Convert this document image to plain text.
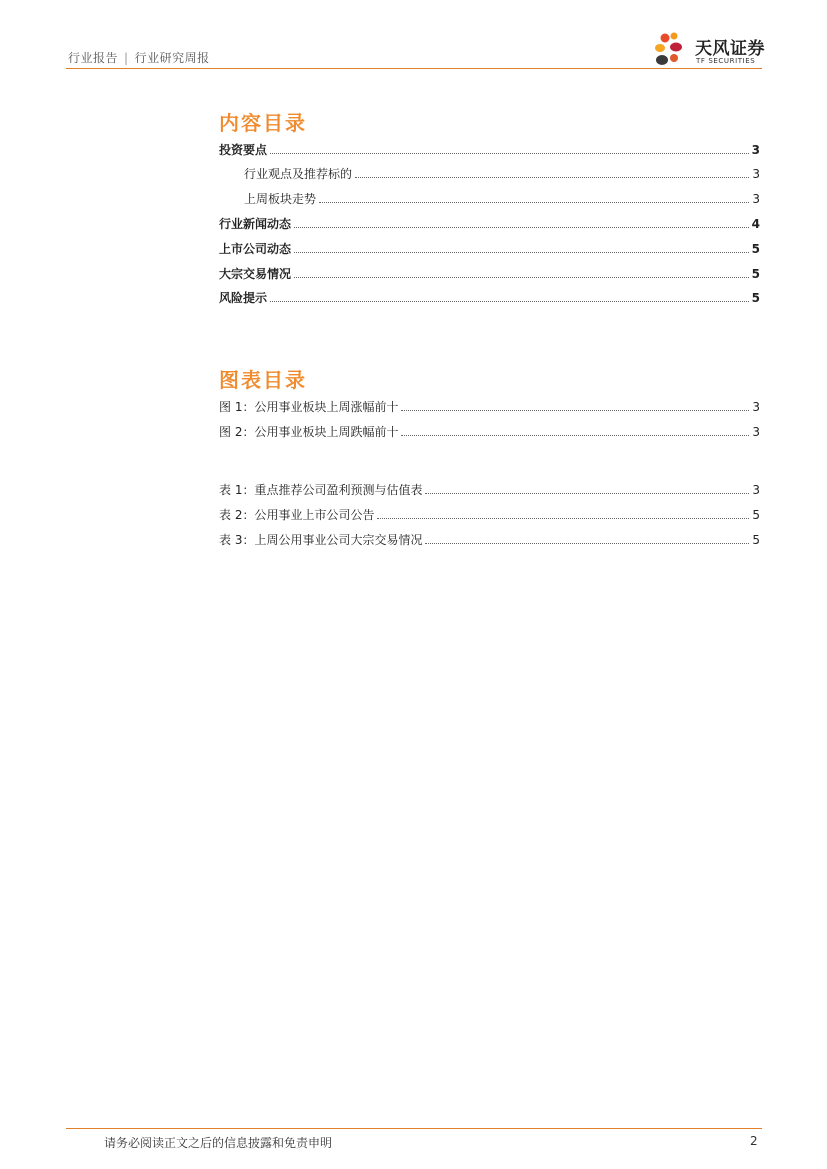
行业报告 | 行业研究周报	天风证券
TF SECURITIES
内容目录
投资要点	3
行业观点及推荐标的	3
上周板块走势	3
行业新闻动态	4
上市公司动态	5
大宗交易情况	5
风险提示	5
图表目录
图 1：公用事业板块上周涨幅前十	3
图 2：公用事业板块上周跌幅前十	3
表 1：重点推荐公司盈利预测与估值表	3
表 2：公用事业上市公司公告	5
表 3：上周公用事业公司大宗交易情况	5
请务必阅读正文之后的信息披露和免责申明	2
